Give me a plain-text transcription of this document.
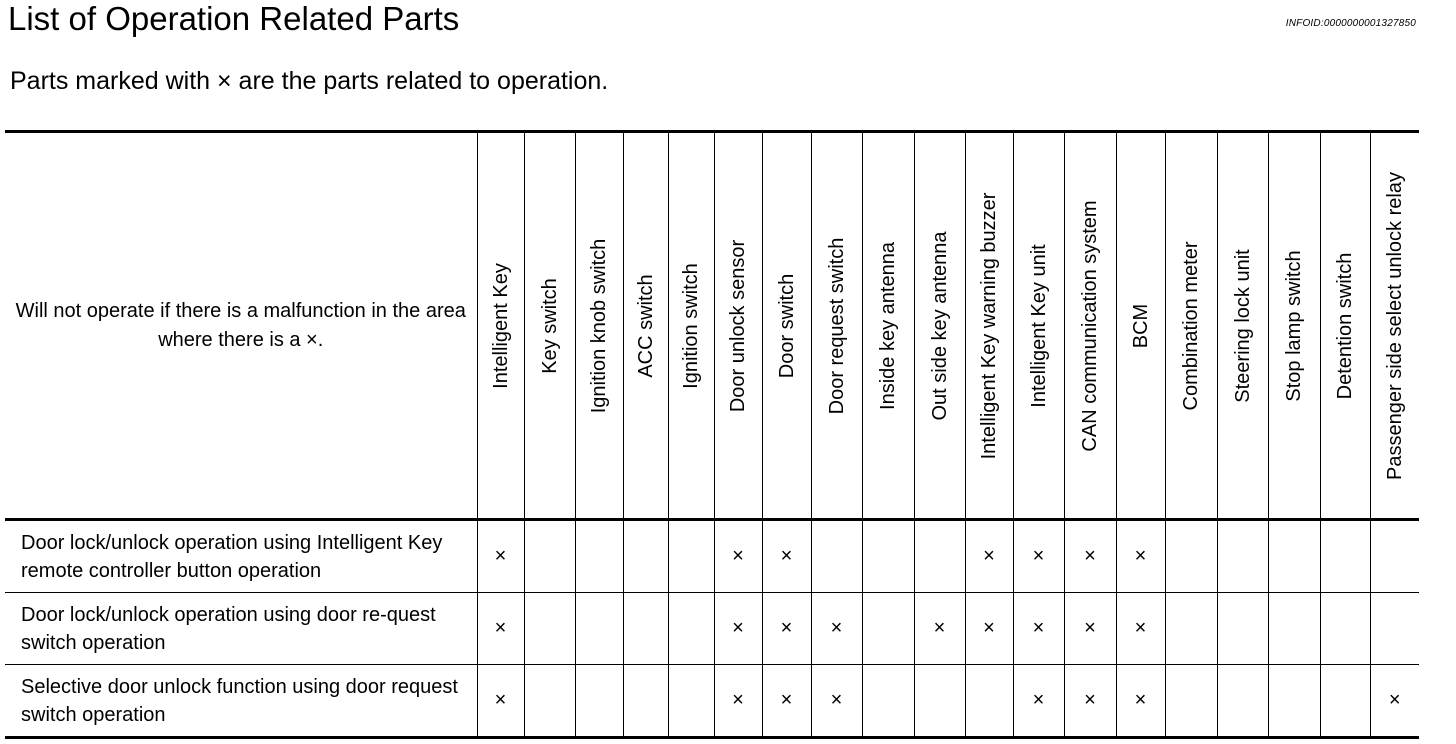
List of Operation Related Parts	INFOID:0000000001327850

Parts marked with × are the parts related to operation.

Will not operate if there is a malfunction in the area where there is a ×.	Intelligent Key	Key switch	Ignition knob switch	ACC switch	Ignition switch	Door unlock sensor	Door switch	Door request switch	Inside key antenna	Out side key antenna	Intelligent Key warning buzzer	Intelligent Key unit	CAN communication system	BCM	Combination meter	Steering lock unit	Stop lamp switch	Detention switch	Passenger side select unlock relay

Door lock/unlock operation using Intelligent Key remote controller button operation	×					×	×				×	×	×	×					
Door lock/unlock operation using door re-quest switch operation	×					×	×	×		×	×	×	×	×					
Selective door unlock function using door request switch operation	×					×	×	×				×	×	×					×
